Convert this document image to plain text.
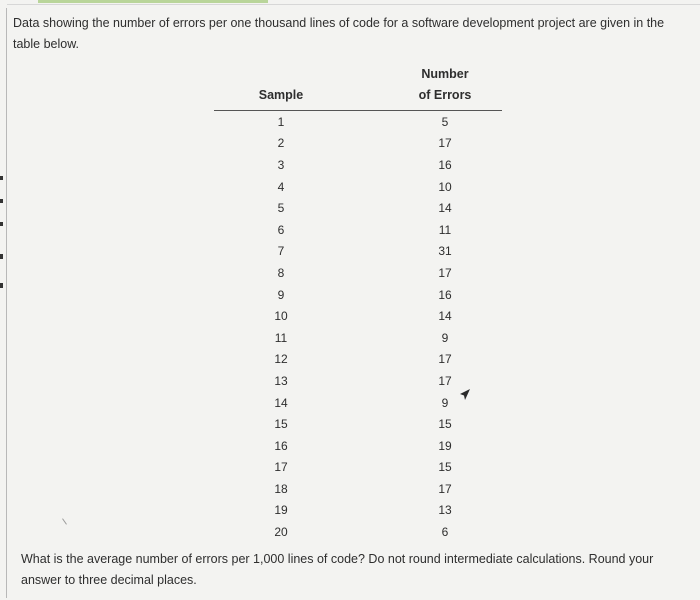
Data showing the number of errors per one thousand lines of code for a software development project are given in the table below.

Sample	Number
of Errors
1	5
2	17
3	16
4	10
5	14
6	11
7	31
8	17
9	16
10	14
11	9
12	17
13	17
14	9
15	15
16	19
17	15
18	17
19	13
20	6

What is the average number of errors per 1,000 lines of code? Do not round intermediate calculations. Round your answer to three decimal places.
